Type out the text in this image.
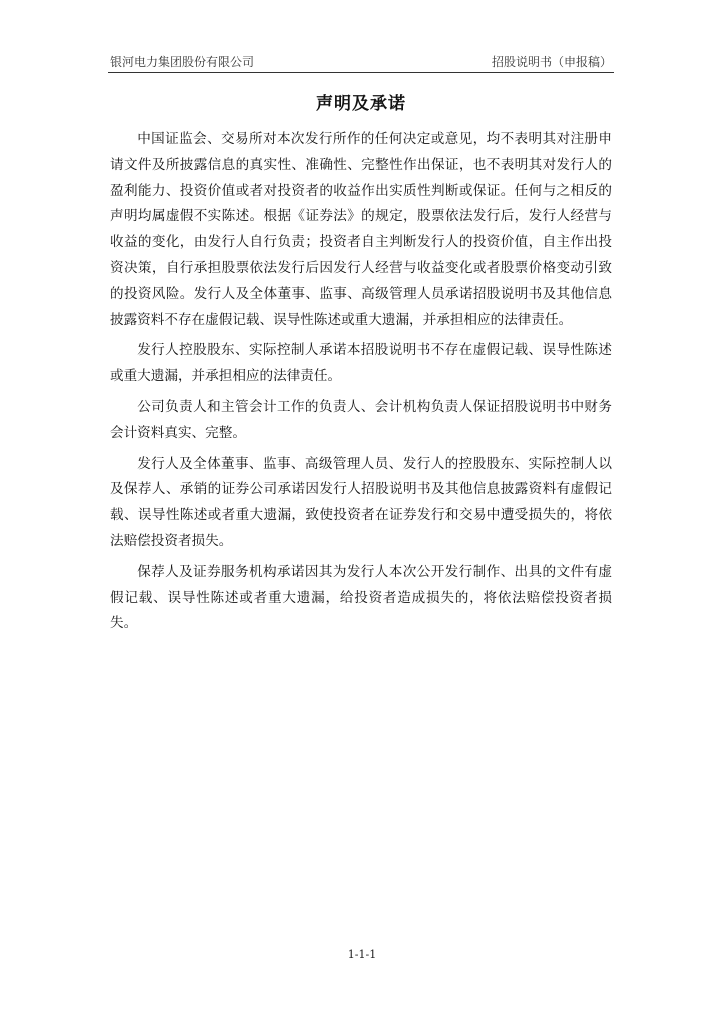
银河电力集团股份有限公司	招股说明书（申报稿）
声明及承诺

中国证监会、交易所对本次发行所作的任何决定或意见，均不表明其对注册申请文件及所披露信息的真实性、准确性、完整性作出保证，也不表明其对发行人的盈利能力、投资价值或者对投资者的收益作出实质性判断或保证。任何与之相反的声明均属虚假不实陈述。根据《证券法》的规定，股票依法发行后，发行人经营与收益的变化，由发行人自行负责；投资者自主判断发行人的投资价值，自主作出投资决策，自行承担股票依法发行后因发行人经营与收益变化或者股票价格变动引致的投资风险。发行人及全体董事、监事、高级管理人员承诺招股说明书及其他信息披露资料不存在虚假记载、误导性陈述或重大遗漏，并承担相应的法律责任。

发行人控股股东、实际控制人承诺本招股说明书不存在虚假记载、误导性陈述或重大遗漏，并承担相应的法律责任。

公司负责人和主管会计工作的负责人、会计机构负责人保证招股说明书中财务会计资料真实、完整。

发行人及全体董事、监事、高级管理人员、发行人的控股股东、实际控制人以及保荐人、承销的证券公司承诺因发行人招股说明书及其他信息披露资料有虚假记载、误导性陈述或者重大遗漏，致使投资者在证券发行和交易中遭受损失的，将依法赔偿投资者损失。

保荐人及证券服务机构承诺因其为发行人本次公开发行制作、出具的文件有虚假记载、误导性陈述或者重大遗漏，给投资者造成损失的，将依法赔偿投资者损失。

1-1-1
